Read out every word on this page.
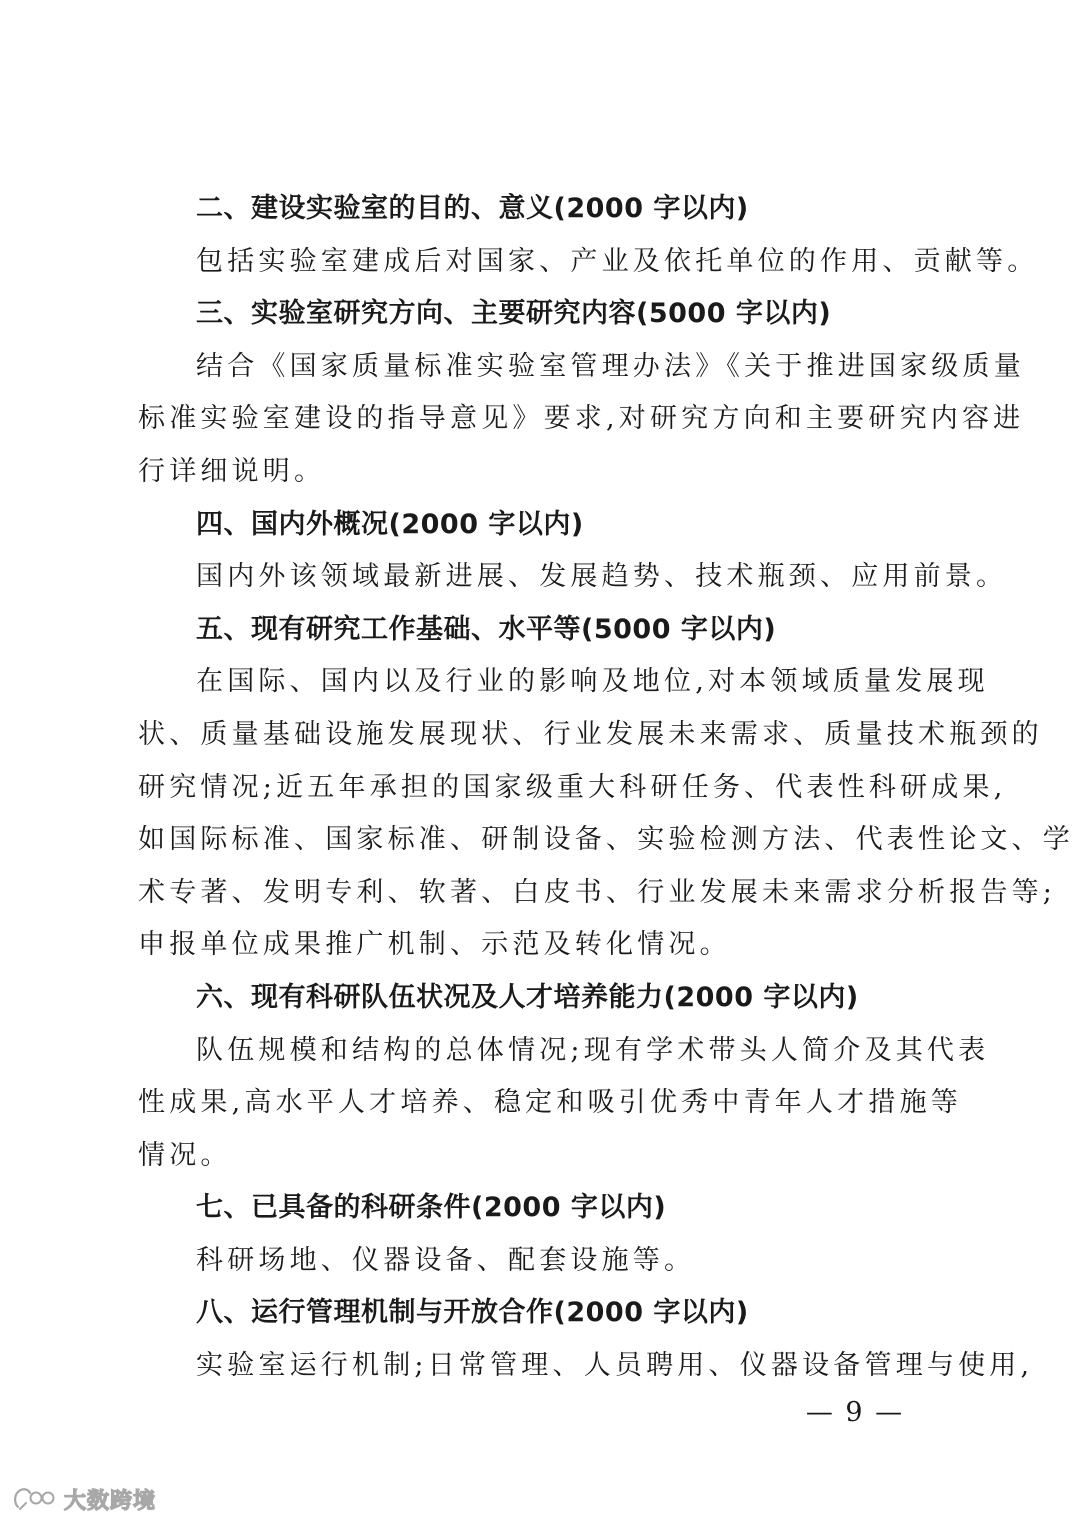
二、建设实验室的目的、意义(2000 字以内)
包括实验室建成后对国家、产业及依托单位的作用、贡献等。
三、实验室研究方向、主要研究内容(5000 字以内)
结合《国家质量标准实验室管理办法》《关于推进国家级质量
标准实验室建设的指导意见》要求,对研究方向和主要研究内容进
行详细说明。
四、国内外概况(2000 字以内)
国内外该领域最新进展、发展趋势、技术瓶颈、应用前景。
五、现有研究工作基础、水平等(5000 字以内)
在国际、国内以及行业的影响及地位,对本领域质量发展现
状、质量基础设施发展现状、行业发展未来需求、质量技术瓶颈的
研究情况;近五年承担的国家级重大科研任务、代表性科研成果,
如国际标准、国家标准、研制设备、实验检测方法、代表性论文、学
术专著、发明专利、软著、白皮书、行业发展未来需求分析报告等;
申报单位成果推广机制、示范及转化情况。
六、现有科研队伍状况及人才培养能力(2000 字以内)
队伍规模和结构的总体情况;现有学术带头人简介及其代表
性成果,高水平人才培养、稳定和吸引优秀中青年人才措施等
情况。
七、已具备的科研条件(2000 字以内)
科研场地、仪器设备、配套设施等。
八、运行管理机制与开放合作(2000 字以内)
实验室运行机制;日常管理、人员聘用、仪器设备管理与使用,
— 9 —
大数跨境
